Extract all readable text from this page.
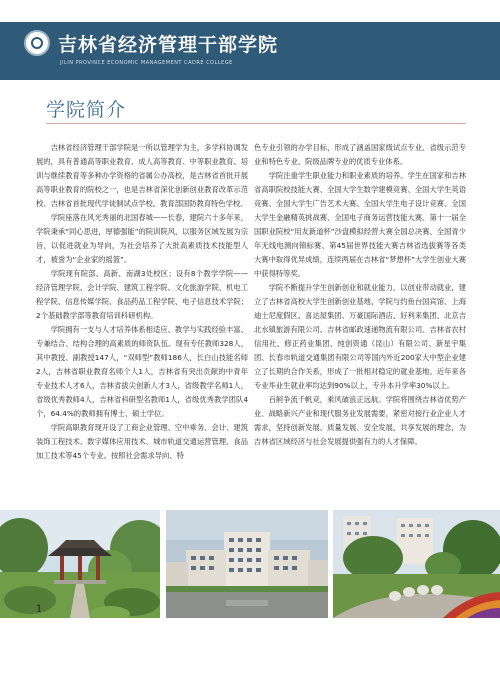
吉林省经济管理干部学院
JILIN PROVINCE ECONOMIC MANAGEMENT CADRE COLLEGE
学院简介

吉林省经济管理干部学院是一所以管理学为主，多学科协调发展的，具有普通高等职业教育、成人高等教育、中等职业教育、培训与继续教育等多种办学资格的省属公办高校，是吉林省首批开展高等职业教育的院校之一，也是吉林省深化创新创业教育改革示范校、吉林省首批现代学徒制试点学校、教育部国防教育特色学校。

学院座落在风光秀丽的北国春城——长春，建院六十多年来，学院秉承“同心思进，厚德强能”的院训院风，以服务区域发展为宗旨，以促进就业为导向，为社会培养了大批高素质技术技能型人才，被誉为“企业家的摇篮”。

学院现有院部、高新、南湖3处校区；设有8个教学学院——经济管理学院、会计学院、建筑工程学院、文化旅游学院、机电工程学院、信息传媒学院、食品药品工程学院、电子信息技术学院；2个基础教学部等教育培训科研机构。

学院拥有一支与人才培养体系相适应、教学与实践经验丰富、专兼结合、结构合理的高素质的师资队伍。现有专任教师328人，其中教授、副教授147人，“双师型”教师186人，长白山技能名师2人，吉林省职业教育名师个人1人，吉林省有突出贡献的中青年专业技术人才6人，吉林省拔尖创新人才3人，省级教学名师1人，省级优秀教师4人，吉林省科研型名教师1人，省级优秀教学团队4个，64.4%的教师拥有博士、硕士学位。

学院高职教育现开设了工商企业管理、空中乘务、会计、建筑装饰工程技术、数字媒体应用技术、城市轨道交通运营管理、食品加工技术等45个专业。按照社会需求导向、特

色专业引领的办学目标，形成了涵盖国家级试点专业、省级示范专业和特色专业、院级品牌专业的优质专业体系。

学院注重学生职业能力和职业素质的培养。学生在国家和吉林省高职院校技能大赛、全国大学生数学建模竞赛、全国大学生英语竞赛、全国大学生广告艺术大赛、全国大学生电子设计竞赛、全国大学生金融精英挑战赛、全国电子商务运营技能大赛、第十一届全国职业院校“用友新道杯”沙盘模拟经营大赛全国总决赛、全国青少年无线电测向锦标赛、第45届世界技能大赛吉林省选拔赛等各类大赛中取得优异成绩，连续两届在吉林省“梦想杯”大学生创业大赛中获得特等奖。

学院不断提升学生创新创业和就业能力，以创业带动就业，建立了吉林省高校大学生创新创业基地，学院与约鱼台国宾馆、上海迪士尼度假区、喜达屋集团、万豪国际酒店、好利来集团、北京吉北水镇旅游有限公司、吉林省邮政速递物流有限公司、吉林省农村信用社、修正药业集团、纯创资通（昆山）有限公司、新星宇集团、长春市轨道交通集团有限公司等国内外近200家大中型企业建立了长期的合作关系，形成了一批相对稳定的就业基地。近年来各专业毕业生就业率均达到90%以上，专升本升学率30%以上。

百舸争流千帆竞，乘风破浪正远航。学院将围绕吉林省优势产业、战略新兴产业和现代服务业发展需要，紧密对接行业企业人才需求，坚持创新发展、质量发展、安全发展、共享发展的理念，为吉林省区域经济与社会发展提供强有力的人才保障。

1
